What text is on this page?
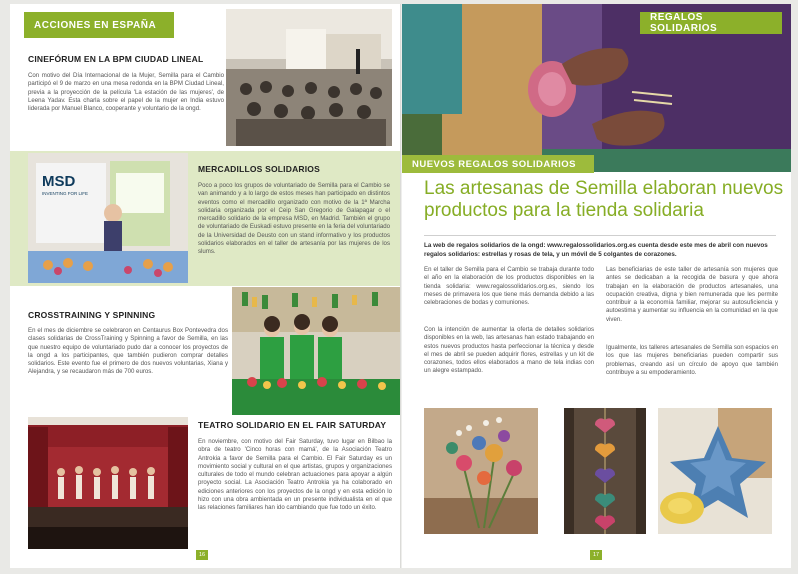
ACCIONES EN ESPAÑA
CINEFÓRUM EN LA BPM CIUDAD LINEAL
Con motivo del Día Internacional de la Mujer, Semilla para el Cambio participó el 9 de marzo en una mesa redonda en la BPM Ciudad Lineal, previa a la proyección de la película 'La estación de las mujeres', de Leena Yadav. Esta charla sobre el papel de la mujer en India estuvo liderada por Manuel Blanco, cooperante y voluntario de la ongd.
MSD
INVENTING FOR LIFE
MERCADILLOS SOLIDARIOS
Poco a poco los grupos de voluntariado de Semilla para el Cambio se van animando y a lo largo de estos meses han participado en distintos eventos como el mercadillo organizado con motivo de la 1ª Marcha solidaria organizada por el Ceip San Gregorio de Galapagar o el mercadillo solidario de la empresa MSD, en Madrid. También el grupo de voluntariado de Euskadi estuvo presente en la feria del voluntariado de la Universidad de Deusto con un stand informativo y los productos solidarios elaborados en el taller de artesanía por las mujeres de los slums.
CROSSTRAINING Y SPINNING
En el mes de diciembre se celebraron en Centaurus Box Pontevedra dos clases solidarias de CrossTraining y Spinning a favor de Semilla, en las que nuestro equipo de voluntariado pudo dar a conocer los proyectos de la ongd a los participantes, que también pudieron comprar detalles solidarios. Este evento fue el primero de dos nuevos voluntarias, Xiana y Alejandra, y se recaudaron más de 700 euros.
TEATRO SOLIDARIO EN EL FAIR SATURDAY
En noviembre, con motivo del Fair Saturday, tuvo lugar en Bilbao la obra de teatro 'Cinco horas con mamá', de la Asociación Teatro Antrokia a favor de Semilla para el Cambio. El Fair Saturday es un movimiento social y cultural en el que artistas, grupos y organizaciones culturales de todo el mundo celebran actuaciones para apoyar a algún proyecto social. La Asociación Teatro Antrokia ya ha colaborado en ediciones anteriores con los proyectos de la ongd y en esta edición lo hizo con una obra ambientada en un presente individualista en el que las relaciones familiares han ido cambiando que fue todo un éxito.
16
REGALOS SOLIDARIOS
NUEVOS REGALOS SOLIDARIOS
Las artesanas de Semilla elaboran nuevos productos para la tienda solidaria
La web de regalos solidarios de la ongd: www.regalossolidarios.org.es cuenta desde este mes de abril con nuevos regalos solidarios: estrellas y rosas de tela, y un móvil de 5 colgantes de corazones.
En el taller de Semilla para el Cambio se trabaja durante todo el año en la elaboración de los productos disponibles en la tienda solidaria: www.regalossolidarios.org.es, siendo los meses de primavera los que tiene más demanda debido a las celebraciones de bodas y comuniones.
Con la intención de aumentar la oferta de detalles solidarios disponibles en la web, las artesanas han estado trabajando en estos nuevos productos hasta perfeccionar la técnica y desde el mes de abril se pueden adquirir flores, estrellas y un kit de corazones, todos ellos elaborados a mano de tela indias con un alegre estampado.
Las beneficiarias de este taller de artesanía son mujeres que antes se dedicaban a la recogida de basura y que ahora trabajan en la elaboración de productos artesanales, una ocupación creativa, digna y bien remunerada que les permite contribuir a la economía familiar, mejorar su autosuficiencia y autoestima y aumentar su influencia en la comunidad en la que viven.
Igualmente, los talleres artesanales de Semilla son espacios en los que las mujeres beneficiarias pueden compartir sus problemas, creando así un círculo de apoyo que también contribuye a su empoderamiento.
17
